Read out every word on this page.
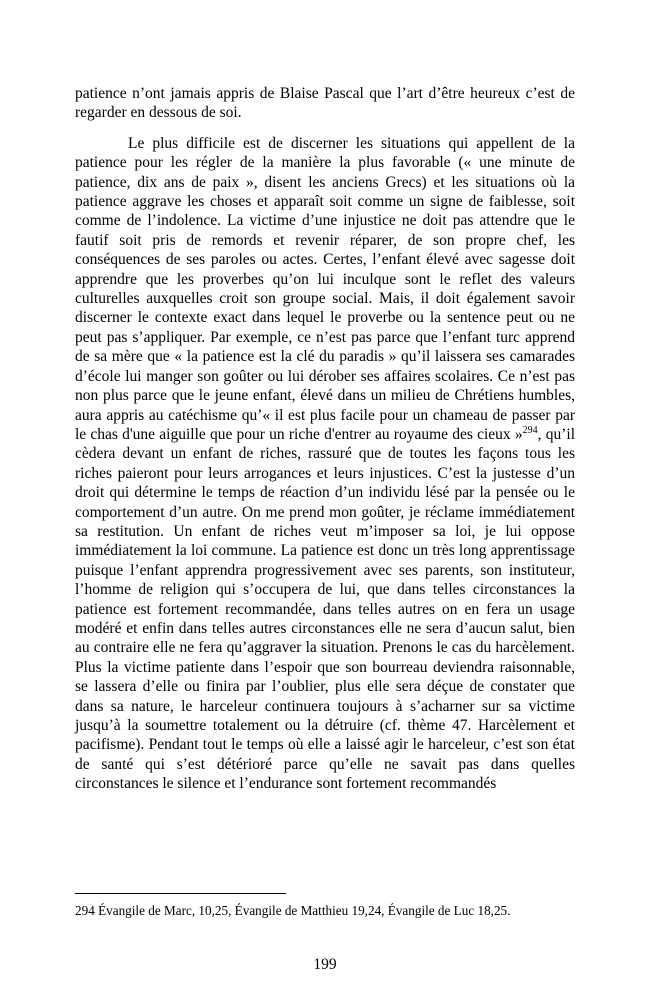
patience n’ont jamais appris de Blaise Pascal que l’art d’être heureux c’est de regarder en dessous de soi.

Le plus difficile est de discerner les situations qui appellent de la patience pour les régler de la manière la plus favorable (« une minute de patience, dix ans de paix », disent les anciens Grecs) et les situations où la patience aggrave les choses et apparaît soit comme un signe de faiblesse, soit comme de l’indolence. La victime d’une injustice ne doit pas attendre que le fautif soit pris de remords et revenir réparer, de son propre chef, les conséquences de ses paroles ou actes. Certes, l’enfant élevé avec sagesse doit apprendre que les proverbes qu’on lui inculque sont le reflet des valeurs culturelles auxquelles croit son groupe social. Mais, il doit également savoir discerner le contexte exact dans lequel le proverbe ou la sentence peut ou ne peut pas s’appliquer. Par exemple, ce n’est pas parce que l’enfant turc apprend de sa mère que « la patience est la clé du paradis » qu’il laissera ses camarades d’école lui manger son goûter ou lui dérober ses affaires scolaires. Ce n’est pas non plus parce que le jeune enfant, élevé dans un milieu de Chrétiens humbles, aura appris au catéchisme qu’« il est plus facile pour un chameau de passer par le chas d'une aiguille que pour un riche d'entrer au royaume des cieux »$^{294}$, qu’il cèdera devant un enfant de riches, rassuré que de toutes les façons tous les riches paieront pour leurs arrogances et leurs injustices. C’est la justesse d’un droit qui détermine le temps de réaction d’un individu lésé par la pensée ou le comportement d’un autre. On me prend mon goûter, je réclame immédiatement sa restitution. Un enfant de riches veut m’imposer sa loi, je lui oppose immédiatement la loi commune. La patience est donc un très long apprentissage puisque l’enfant apprendra progressivement avec ses parents, son instituteur, l’homme de religion qui s’occupera de lui, que dans telles circonstances la patience est fortement recommandée, dans telles autres on en fera un usage modéré et enfin dans telles autres circonstances elle ne sera d’aucun salut, bien au contraire elle ne fera qu’aggraver la situation. Prenons le cas du harcèlement. Plus la victime patiente dans l’espoir que son bourreau deviendra raisonnable, se lassera d’elle ou finira par l’oublier, plus elle sera déçue de constater que dans sa nature, le harceleur continuera toujours à s’acharner sur sa victime jusqu’à la soumettre totalement ou la détruire (cf. thème 47. Harcèlement et pacifisme). Pendant tout le temps où elle a laissé agir le harceleur, c’est son état de santé qui s’est détérioré parce qu’elle ne savait pas dans quelles circonstances le silence et l’endurance sont fortement recommandés

294 Évangile de Marc, 10,25, Évangile de Matthieu 19,24, Évangile de Luc 18,25.

199
